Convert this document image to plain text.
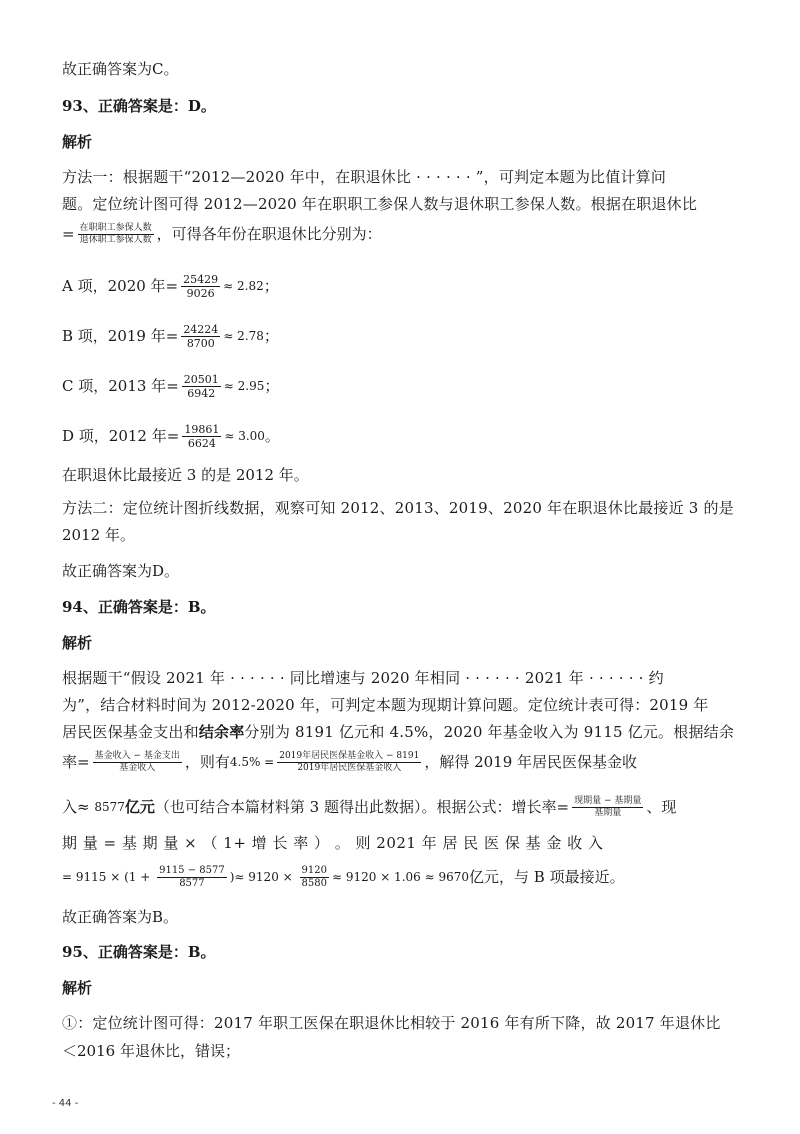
故正确答案为C。
93、正确答案是：D。
解析
方法一：根据题干“2012—2020 年中，在职退休比 · · · · · · ”，可判定本题为比值计算问
题。定位统计图可得 2012—2020 年在职职工参保人数与退休职工参保人数。根据在职退休比
= $\frac{\text{在职职工参保人数}}{\text{退休职工参保人数}}$ ，可得各年份在职退休比分别为：
A 项，2020 年= $\frac{25429}{9026} \approx 2.82$；
B 项，2019 年= $\frac{24224}{8700} \approx 2.78$；
C 项，2013 年= $\frac{20501}{6942} \approx 2.95$；
D 项，2012 年= $\frac{19861}{6624} \approx 3.00$。
在职退休比最接近 3 的是 2012 年。
方法二：定位统计图折线数据，观察可知 2012、2013、2019、2020 年在职退休比最接近 3 的是
2012 年。
故正确答案为D。
94、正确答案是：B。
解析
根据题干“假设 2021 年 · · · · · · 同比增速与 2020 年相同 · · · · · · 2021 年 · · · · · · 约
为”，结合材料时间为 2012-2020 年，可判定本题为现期计算问题。定位统计表可得：2019 年
居民医保基金支出和结余率分别为 8191 亿元和 4.5%，2020 年基金收入为 9115 亿元。根据结余
率= $\frac{\text{基金收入 − 基金支出}}{\text{基金收入}}$ ，则有$4.5\% = \frac{\text{2019年居民医保基金收入 − 8191}}{\text{2019年居民医保基金收入}}$ ，解得 2019 年居民医保基金收
入≈ 8577亿元（也可结合本篇材料第 3 题得出此数据）。根据公式：增长率= $\frac{\text{现期量 − 基期量}}{\text{基期量}}$ 、现
期 量 = 基 期 量 × （ 1+ 增 长 率 ） 。 则 2021 年 居 民 医 保 基 金 收 入
= $9115 \times (1 + \frac{9115 - 8577}{8577}$ )≈ $9120 \times \frac{9120}{8580} \approx 9120 \times 1.06 \approx 9670$亿元，与 B 项最接近。
故正确答案为B。
95、正确答案是：B。
解析
①：定位统计图可得：2017 年职工医保在职退休比相较于 2016 年有所下降，故 2017 年退休比
＜2016 年退休比，错误；
- 44 -
